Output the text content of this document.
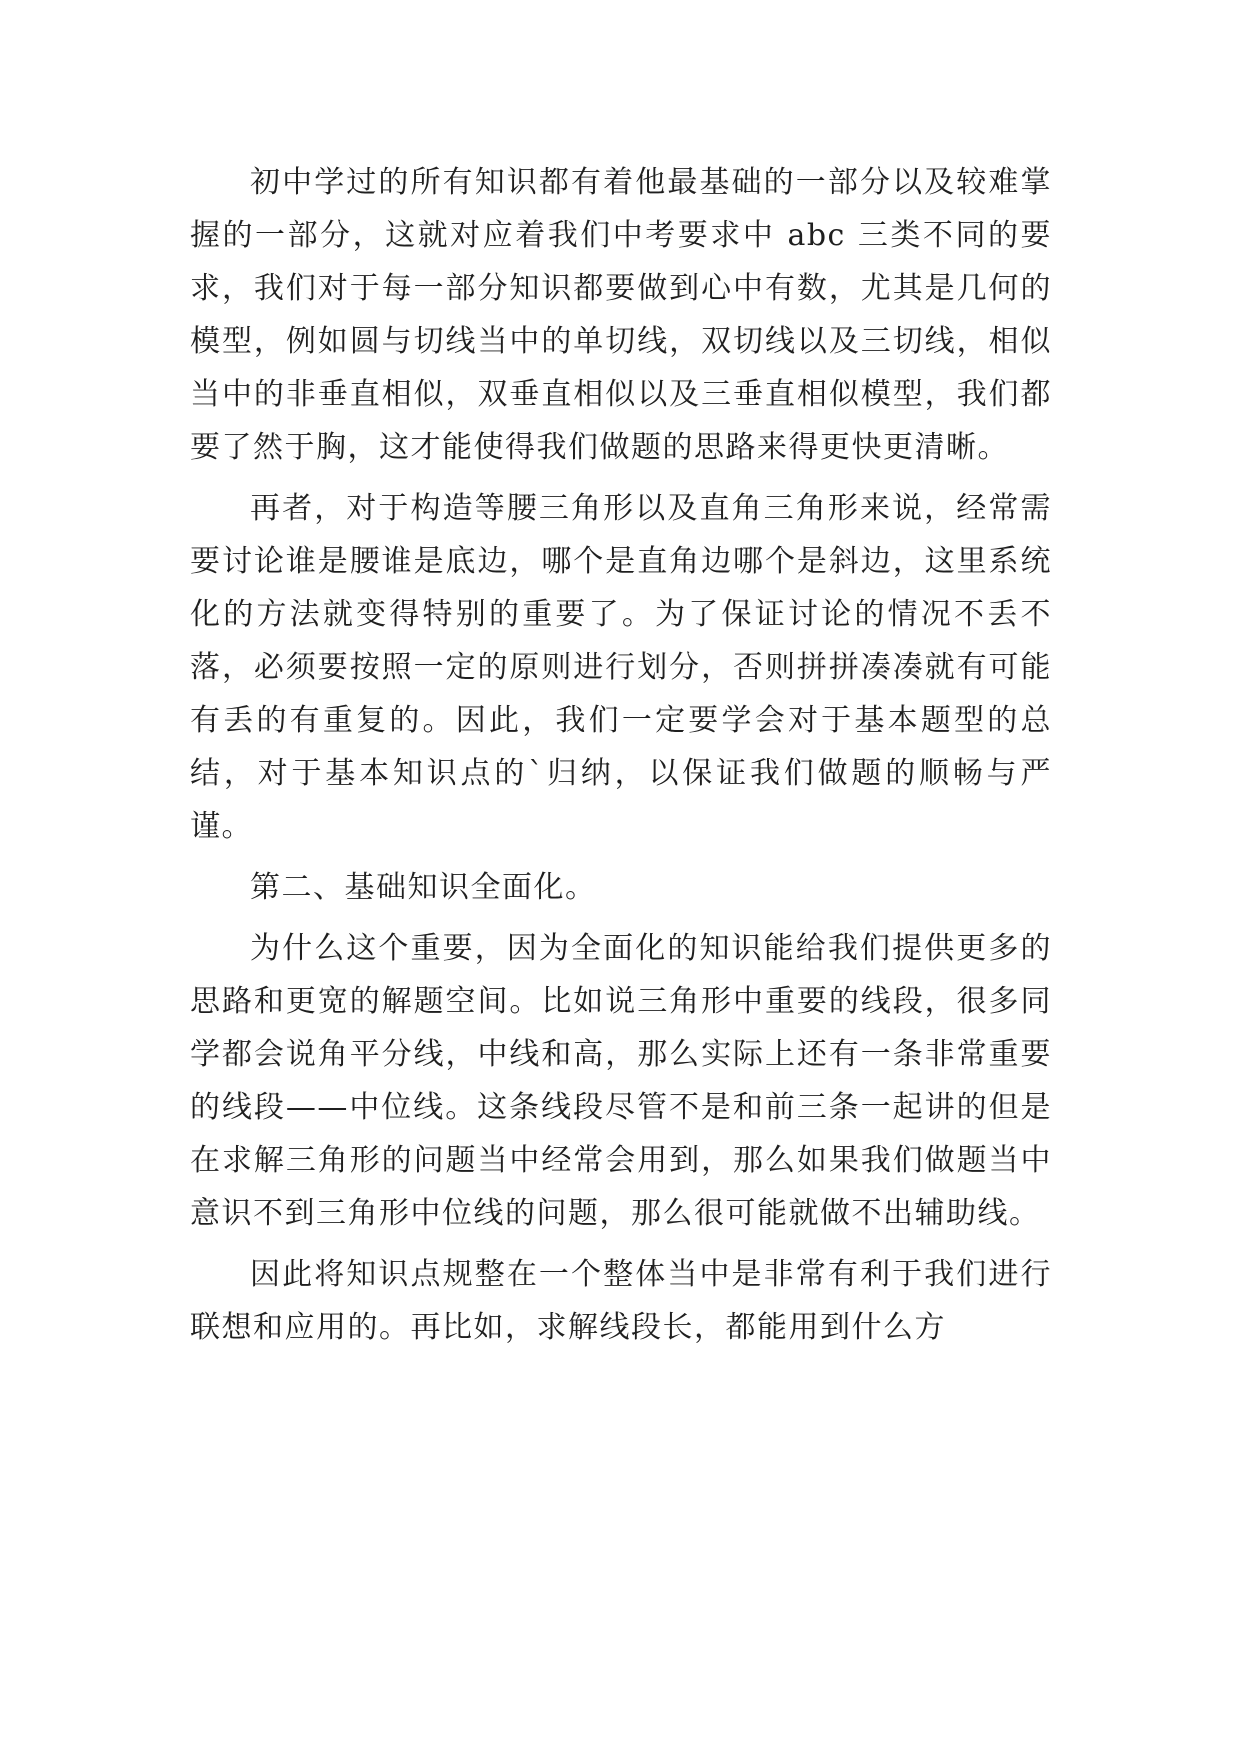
初中学过的所有知识都有着他最基础的一部分以及较难掌握的一部分，这就对应着我们中考要求中 abc 三类不同的要求，我们对于每一部分知识都要做到心中有数，尤其是几何的模型，例如圆与切线当中的单切线，双切线以及三切线，相似当中的非垂直相似，双垂直相似以及三垂直相似模型，我们都要了然于胸，这才能使得我们做题的思路来得更快更清晰。

再者，对于构造等腰三角形以及直角三角形来说，经常需要讨论谁是腰谁是底边，哪个是直角边哪个是斜边，这里系统化的方法就变得特别的重要了。为了保证讨论的情况不丢不落，必须要按照一定的原则进行划分，否则拼拼凑凑就有可能有丢的有重复的。因此，我们一定要学会对于基本题型的总结，对于基本知识点的`归纳，以保证我们做题的顺畅与严谨。

第二、基础知识全面化。

为什么这个重要，因为全面化的知识能给我们提供更多的思路和更宽的解题空间。比如说三角形中重要的线段，很多同学都会说角平分线，中线和高，那么实际上还有一条非常重要的线段——中位线。这条线段尽管不是和前三条一起讲的但是在求解三角形的问题当中经常会用到，那么如果我们做题当中意识不到三角形中位线的问题，那么很可能就做不出辅助线。

因此将知识点规整在一个整体当中是非常有利于我们进行联想和应用的。再比如，求解线段长，都能用到什么方
